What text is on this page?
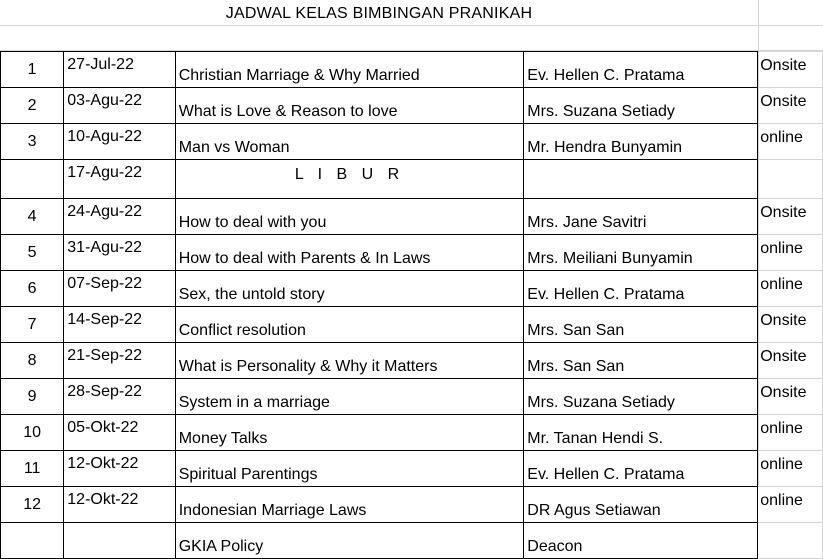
JADWAL KELAS BIMBINGAN PRANIKAH
1	27-Jul-22	Christian Marriage & Why Married	Ev. Hellen C. Pratama	Onsite
2	03-Agu-22	What is Love & Reason to love	Mrs. Suzana Setiady	Onsite
3	10-Agu-22	Man vs Woman	Mr. Hendra Bunyamin	online
	17-Agu-22	L I B U R		
4	24-Agu-22	How to deal with you	Mrs. Jane Savitri	Onsite
5	31-Agu-22	How to deal with Parents & In Laws	Mrs. Meiliani Bunyamin	online
6	07-Sep-22	Sex, the untold story	Ev. Hellen C. Pratama	online
7	14-Sep-22	Conflict resolution	Mrs. San San	Onsite
8	21-Sep-22	What is Personality & Why it Matters	Mrs. San San	Onsite
9	28-Sep-22	System in a marriage	Mrs. Suzana Setiady	Onsite
10	05-Okt-22	Money Talks	Mr. Tanan Hendi S.	online
11	12-Okt-22	Spiritual Parentings	Ev. Hellen C. Pratama	online
12	12-Okt-22	Indonesian Marriage Laws	DR Agus Setiawan	online
		GKIA Policy	Deacon	
